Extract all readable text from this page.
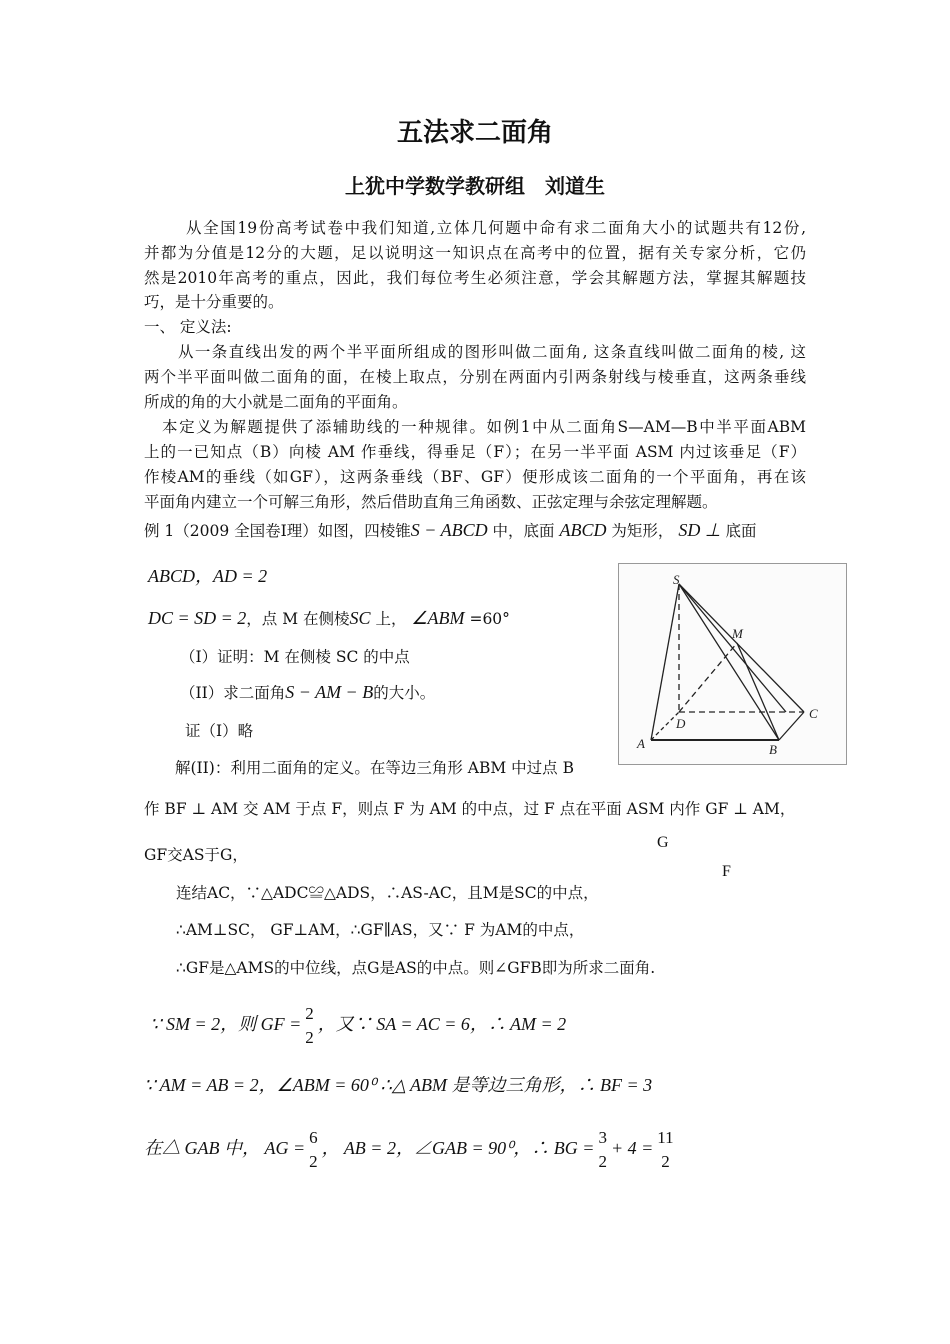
五法求二面角
上犹中学数学教研组　刘道生
从全国19份高考试卷中我们知道,立体几何题中命有求二面角大小的试题共有12份,
并都为分值是12分的大题，足以说明这一知识点在高考中的位置，据有关专家分析，它仍
然是2010年高考的重点，因此，我们每位考生必须注意，学会其解题方法，掌握其解题技
巧，是十分重要的。
一、 定义法:
从一条直线出发的两个半平面所组成的图形叫做二面角, 这条直线叫做二面角的棱, 这
两个半平面叫做二面角的面，在棱上取点，分别在两面内引两条射线与棱垂直，这两条垂线
所成的角的大小就是二面角的平面角。
本定义为解题提供了添辅助线的一种规律。如例1中从二面角S—AM—B中半平面ABM
上的一已知点（B）向棱 AM 作垂线，得垂足（F）；在另一半平面 ASM 内过该垂足（F）
作棱AM的垂线（如GF），这两条垂线（BF、GF）便形成该二面角的一个平面角，再在该
平面角内建立一个可解三角形，然后借助直角三角函数、正弦定理与余弦定理解题。
例 1（2009 全国卷Ⅰ理）如图，四棱锥S − ABCD 中，底面 ABCD 为矩形， SD ⊥ 底面
ABCD，AD = 2
DC = SD = 2，点 M 在侧棱SC 上， ∠ABM =60°
（I）证明：M 在侧棱 SC 的中点
（II）求二面角S − AM − B的大小。
证（I）略
解(II)：利用二面角的定义。在等边三角形 ABM 中过点 B
作 BF ⊥ AM 交 AM 于点 F，则点 F 为 AM 的中点，过 F 点在平面 ASM 内作 GF ⊥ AM，
GF交AS于G，
G
F
连结AC，∵△ADC≌△ADS，∴AS-AC，且M是SC的中点，
∴AM⊥SC， GF⊥AM，∴GF∥AS，又∵ F 为AM的中点，
∴GF是△AMS的中位线，点G是AS的中点。则∠GFB即为所求二面角.
∵ SM = 2，则 GF =
2
2
，又∵ SA = AC = 6，∴ AM = 2
∵ AM = AB = 2，∠ABM = 60⁰ ∴△ ABM 是等边三角形，∴ BF = 3
在△ GAB 中， AG =
6
2
， AB = 2，∠GAB = 90⁰，∴ BG =
3
2
+ 4 =
11
2
S
M
C
D
A	B
